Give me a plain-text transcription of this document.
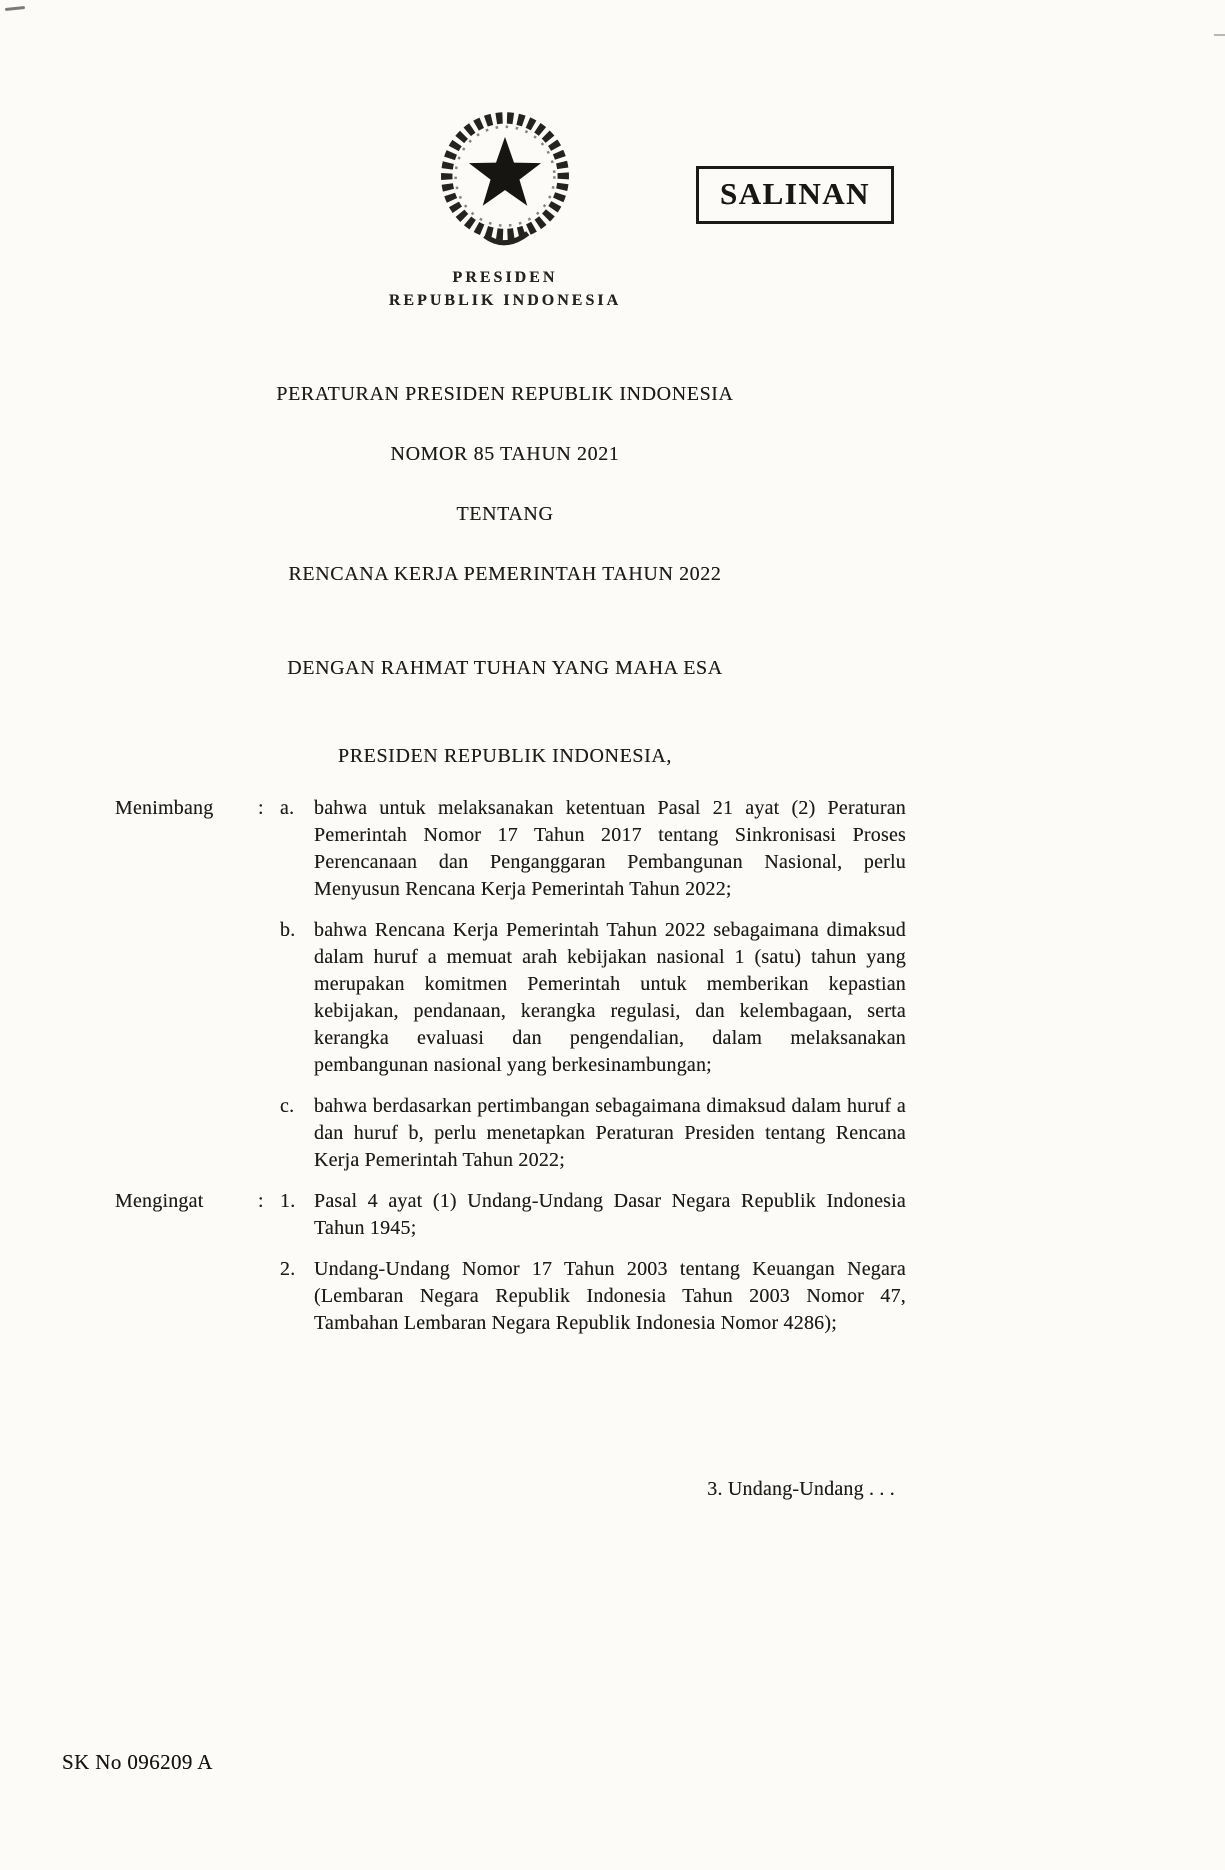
PRESIDEN
REPUBLIK INDONESIA
SALINAN
PERATURAN PRESIDEN REPUBLIK INDONESIA
NOMOR 85 TAHUN 2021
TENTANG
RENCANA KERJA PEMERINTAH TAHUN 2022
DENGAN RAHMAT TUHAN YANG MAHA ESA
PRESIDEN REPUBLIK INDONESIA,
Menimbang	: a. bahwa untuk melaksanakan ketentuan Pasal 21 ayat (2) Peraturan Pemerintah Nomor 17 Tahun 2017 tentang Sinkronisasi Proses Perencanaan dan Penganggaran Pembangunan Nasional, perlu Menyusun Rencana Kerja Pemerintah Tahun 2022;

b. bahwa Rencana Kerja Pemerintah Tahun 2022 sebagaimana dimaksud dalam huruf a memuat arah kebijakan nasional 1 (satu) tahun yang merupakan komitmen Pemerintah untuk memberikan kepastian kebijakan, pendanaan, kerangka regulasi, dan kelembagaan, serta kerangka evaluasi dan pengendalian, dalam melaksanakan pembangunan nasional yang berkesinambungan;

c. bahwa berdasarkan pertimbangan sebagaimana dimaksud dalam huruf a dan huruf b, perlu menetapkan Peraturan Presiden tentang Rencana Kerja Pemerintah Tahun 2022;

Mengingat	: 1. Pasal 4 ayat (1) Undang-Undang Dasar Negara Republik Indonesia Tahun 1945;

2. Undang-Undang Nomor 17 Tahun 2003 tentang Keuangan Negara (Lembaran Negara Republik Indonesia Tahun 2003 Nomor 47, Tambahan Lembaran Negara Republik Indonesia Nomor 4286);

3. Undang-Undang . . .
SK No 096209 A
